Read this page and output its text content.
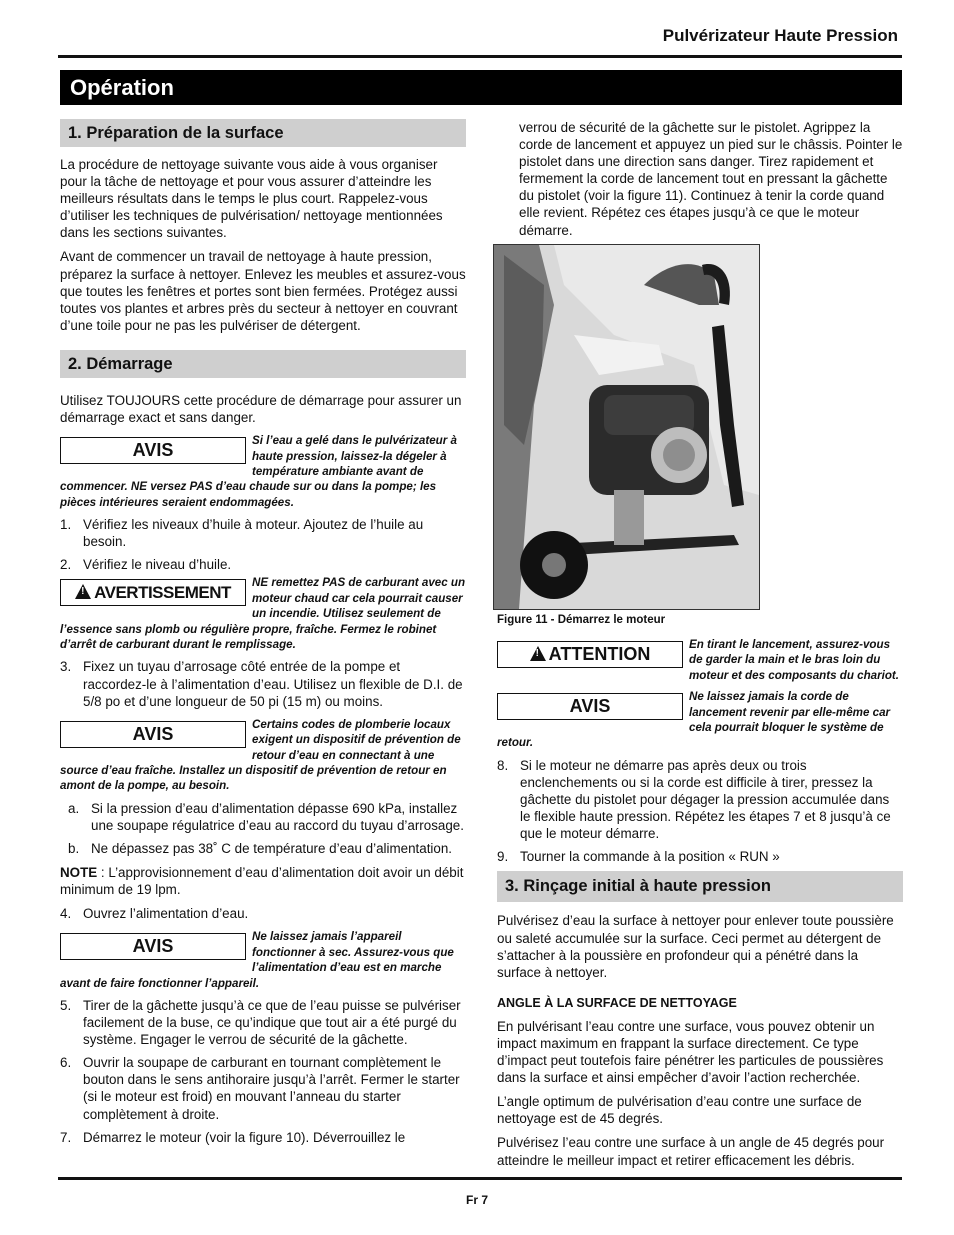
Pulvérizateur Haute Pression
Opération
1. Préparation de la surface

La procédure de nettoyage suivante vous aide à vous organiser pour la tâche de nettoyage et pour vous assurer d’atteindre les meilleurs résultats dans le temps le plus court. Rappelez-vous d’utiliser les techniques de pulvérisation/ nettoyage mentionnées dans les sections suivantes.

Avant de commencer un travail de nettoyage à haute pression, préparez la surface à nettoyer. Enlevez les meubles et assurez-vous que toutes les fenêtres et portes sont bien fermées. Protégez aussi toutes vos plantes et arbres près du secteur à nettoyer en couvrant d’une toile pour ne pas les pulvériser de détergent.

2. Démarrage

Utilisez TOUJOURS cette procédure de démarrage pour assurer un démarrage exact et sans danger.

AVIS	Si l’eau a gelé dans le pulvérizateur à haute pression, laissez-la dégeler à température ambiante avant de commencer. NE versez PAS d’eau chaude sur ou dans la pompe; les pièces intérieures seraient endommagées.
1. Vérifiez les niveaux d’huile à moteur. Ajoutez de l’huile au besoin.
2. Vérifiez le niveau d’huile.
!AVERTISSEMENT
NE remettez PAS de carburant avec un moteur chaud car cela pourrait causer un incendie. Utilisez seulement de l’essence sans plomb ou régulière propre, fraîche. Fermez le robinet d’arrêt de carburant durant le remplissage.
3. Fixez un tuyau d’arrosage côté entrée de la pompe et raccordez-le à l’alimentation d’eau. Utilisez un flexible de D.I. de 5/8 po et d’une longueur de 50 pi (15 m) ou moins.
AVIS	Certains codes de plomberie locaux exigent un dispositif de prévention de retour d’eau en connectant à une source d’eau fraîche. Installez un dispositif de prévention de retour en amont de la pompe, au besoin.
a. Si la pression d’eau d’alimentation dépasse 690 kPa, installez une soupape régulatrice d’eau au raccord du tuyau d’arrosage.
b. Ne dépassez pas 38˚ C de température d’eau d’alimentation.

NOTE : L’approvisionnement d’eau d’alimentation doit avoir un débit minimum de 19 lpm.

4. Ouvrez l’alimentation d’eau.
AVIS	Ne laissez jamais l’appareil fonctionner à sec. Assurez-vous que l’alimentation d’eau est en marche avant de faire fonctionner l’appareil.
5. Tirer de la gâchette jusqu’à ce que de l’eau puisse se pulvériser facilement de la buse, ce qu’indique que tout air a été purgé du système. Engager le verrou de sécurité de la gâchette.
6. Ouvrir la soupape de carburant en tournant complètement le bouton dans le sens antihoraire jusqu’à l’arrêt. Fermer le starter (si le moteur est froid) en mouvant l’anneau du starter complètement à droite.
7. Démarrez le moteur (voir la figure 10). Déverrouillez le

verrou de sécurité de la gâchette sur le pistolet. Agrippez la corde de lancement et appuyez un pied sur le châssis. Pointer le pistolet dans une direction sans danger. Tirez rapidement et fermement la corde de lancement tout en pressant la gâchette du pistolet (voir la figure 11). Continuez à tenir la corde quand elle revient. Répétez ces étapes jusqu’à ce que le moteur démarre.

Figure 11 - Démarrez le moteur
!ATTENTION	En tirant le lancement, assurez-vous de garder la main et le bras loin du moteur et des composants du chariot.
AVIS	Ne laissez jamais la corde de lancement revenir par elle-même car cela pourrait bloquer le système de retour.
8. Si le moteur ne démarre pas après deux ou trois enclenchements ou si la corde est difficile à tirer, pressez la gâchette du pistolet pour dégager la pression accumulée dans le flexible haute pression. Répétez les étapes 7 et 8 jusqu’à ce que le moteur démarre.
9. Tourner la commande à la position « RUN »
3. Rinçage initial à haute pression

Pulvérisez d’eau la surface à nettoyer pour enlever toute poussière ou saleté accumulée sur la surface. Ceci permet au détergent de s’attacher à la poussière en profondeur qui a pénétré dans la surface à nettoyer.

ANGLE À LA SURFACE DE NETTOYAGE

En pulvérisant l’eau contre une surface, vous pouvez obtenir un impact maximum en frappant la surface directement. Ce type d’impact peut toutefois faire pénétrer les particules de poussières dans la surface et ainsi empêcher d’avoir l’action recherchée.

L’angle optimum de pulvérisation d’eau contre une surface de nettoyage est de 45 degrés.

Pulvérisez l’eau contre une surface à un angle de 45 degrés pour atteindre le meilleur impact et retirer efficacement les débris.

Fr 7
